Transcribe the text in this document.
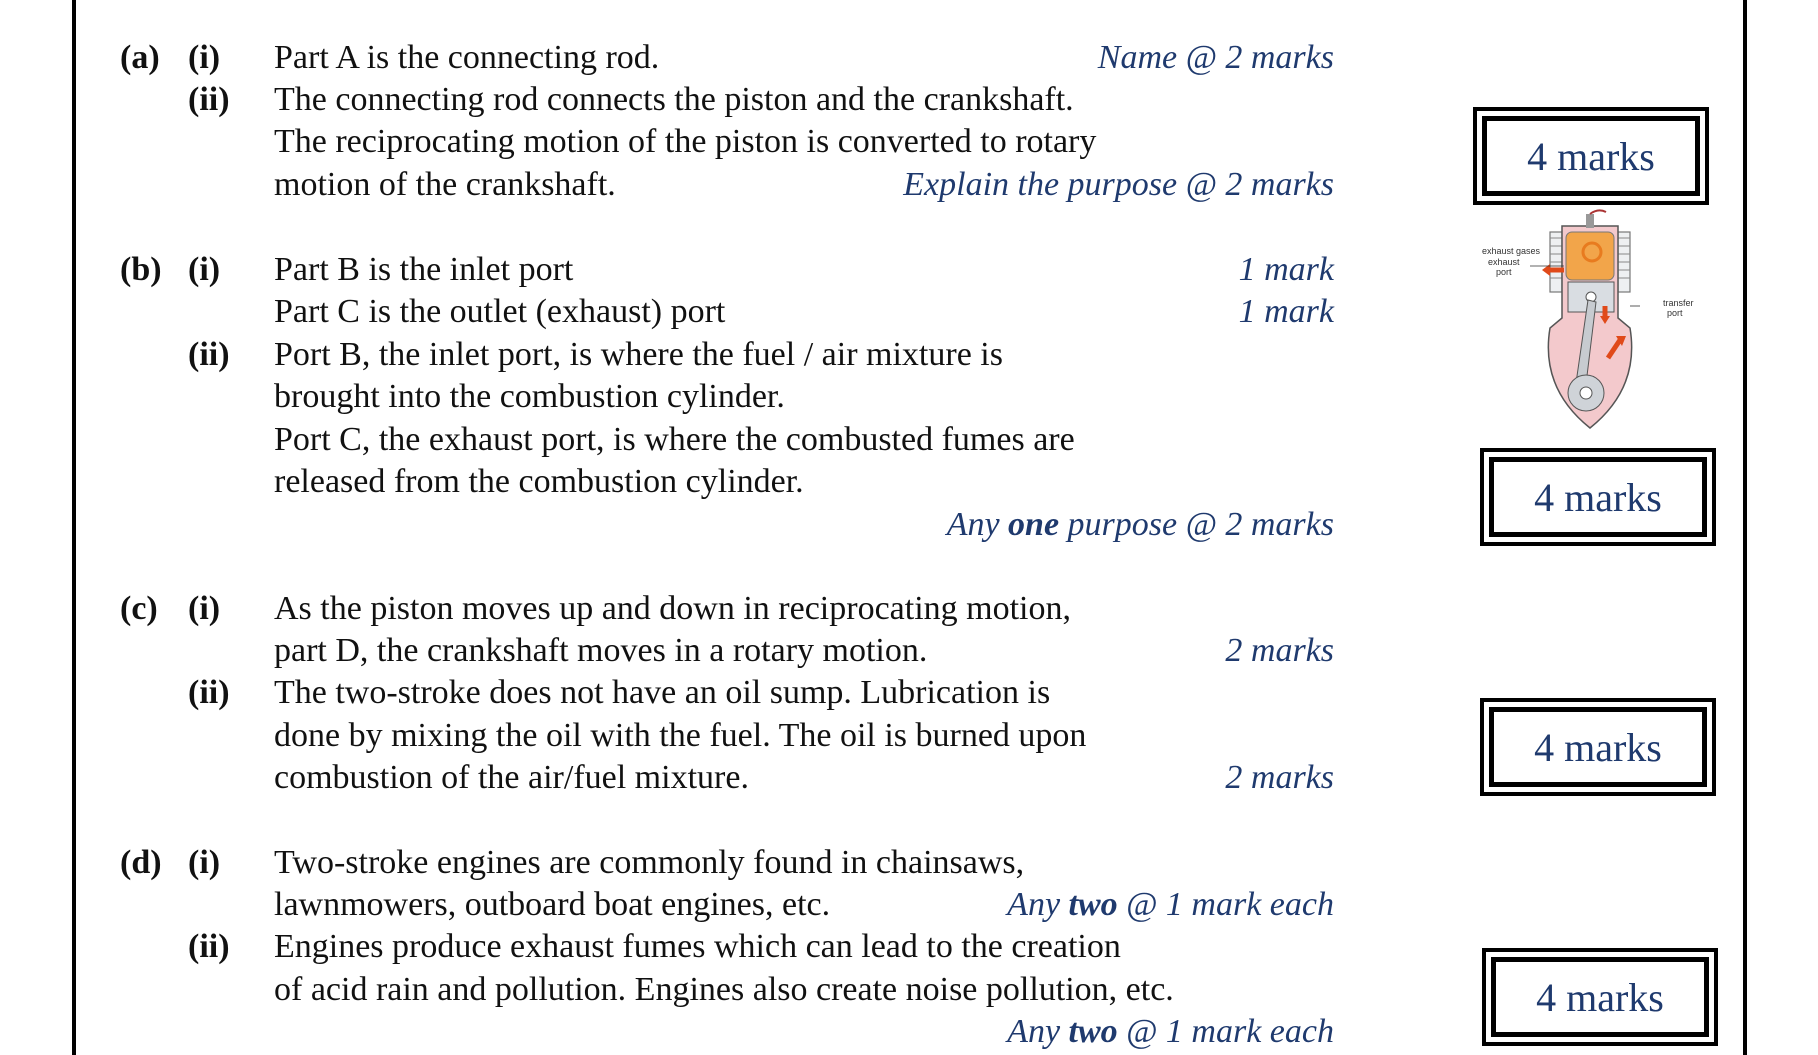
(a) (i) Part A is the connecting rod.	Name @ 2 marks
(ii) The connecting rod connects the piston and the crankshaft.
The reciprocating motion of the piston is converted to rotary
motion of the crankshaft.	Explain the purpose @ 2 marks
4 marks
(b) (i) Part B is the inlet port	1 mark
Part C is the outlet (exhaust) port	1 mark
(ii) Port B, the inlet port, is where the fuel / air mixture is
brought into the combustion cylinder.
Port C, the exhaust port, is where the combusted fumes are
released from the combustion cylinder.
Any one purpose @ 2 marks
exhaust gases
exhaust
port
transfer
port
4 marks
(c) (i) As the piston moves up and down in reciprocating motion,
part D, the crankshaft moves in a rotary motion.	2 marks
(ii) The two-stroke does not have an oil sump. Lubrication is
done by mixing the oil with the fuel. The oil is burned upon
combustion of the air/fuel mixture.	2 marks
4 marks
(d) (i) Two-stroke engines are commonly found in chainsaws,
lawnmowers, outboard boat engines, etc.	Any two @ 1 mark each
(ii) Engines produce exhaust fumes which can lead to the creation
of acid rain and pollution. Engines also create noise pollution, etc.
Any two @ 1 mark each
4 marks
